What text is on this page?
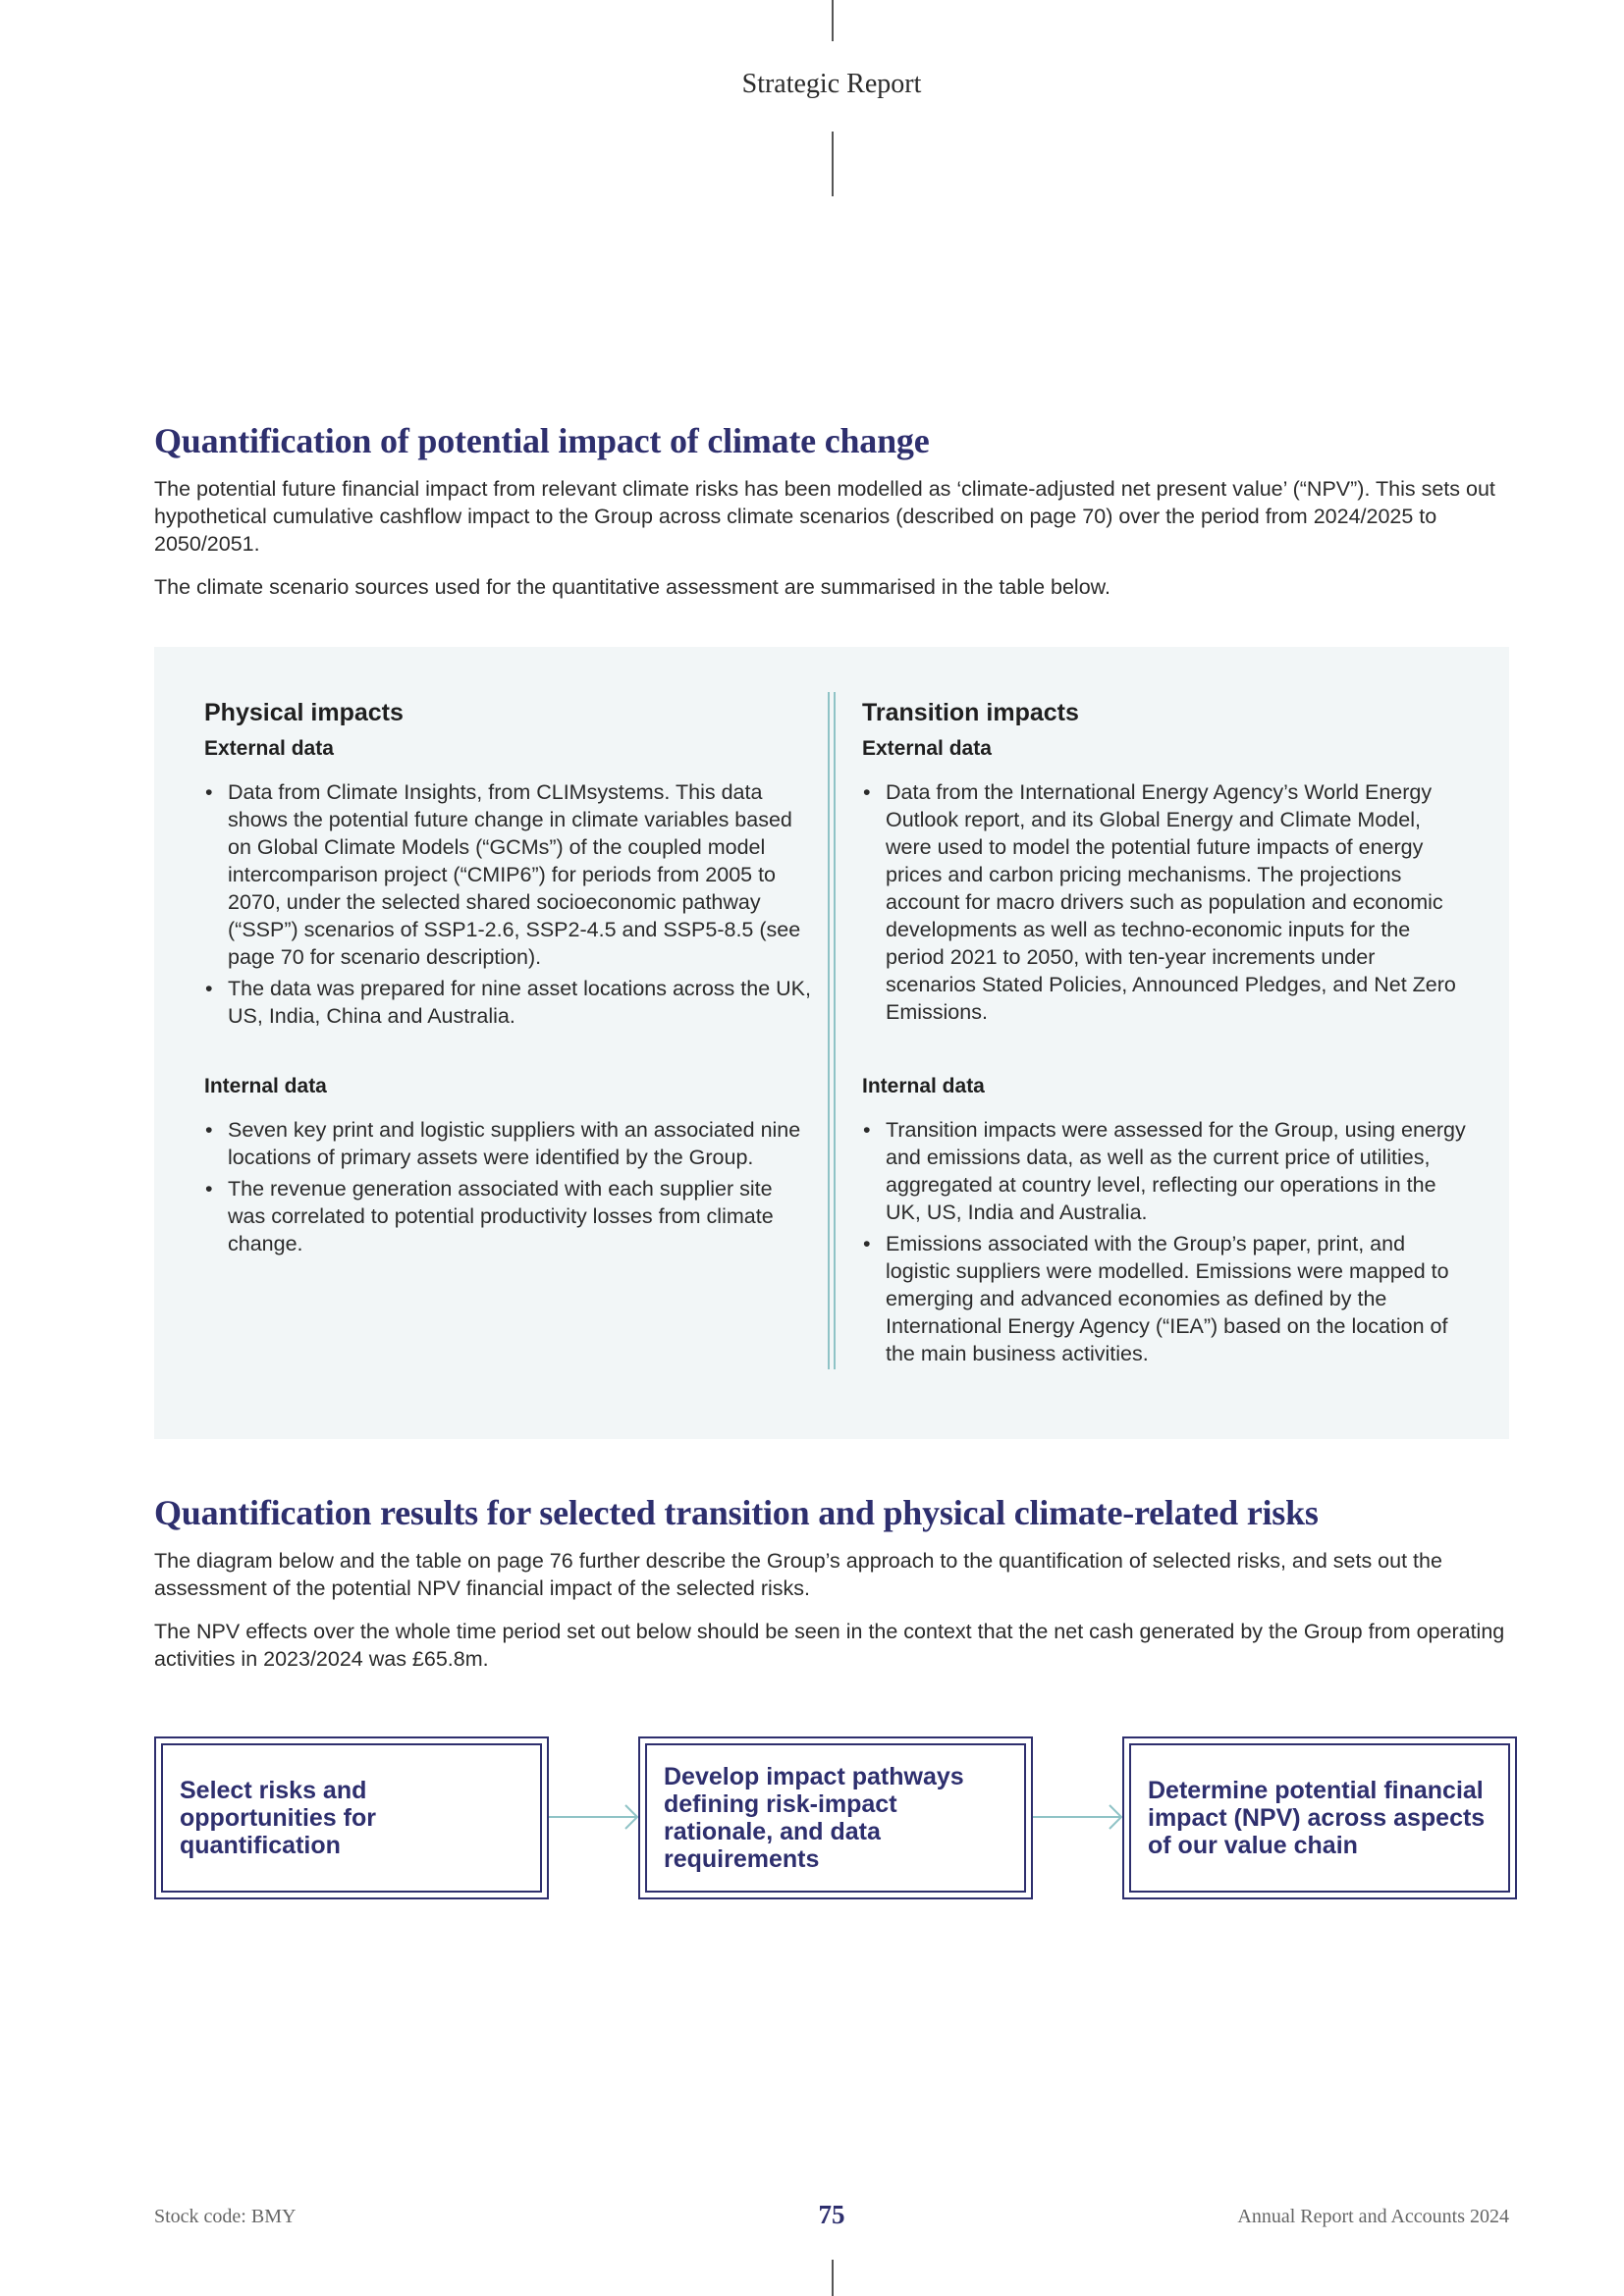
Strategic Report
Quantification of potential impact of climate change

The potential future financial impact from relevant climate risks has been modelled as ‘climate-adjusted net present value’ (“NPV”). This sets out hypothetical cumulative cashflow impact to the Group across climate scenarios (described on page 70) over the period from 2024/2025 to 2050/2051.

The climate scenario sources used for the quantitative assessment are summarised in the table below.

Physical impacts
External data
• Data from Climate Insights, from CLIMsystems. This data shows the potential future change in climate variables based on Global Climate Models (“GCMs”) of the coupled model intercomparison project (“CMIP6”) for periods from 2005 to 2070, under the selected shared socioeconomic pathway (“SSP”) scenarios of SSP1-2.6, SSP2-4.5 and SSP5-8.5 (see page 70 for scenario description).
• The data was prepared for nine asset locations across the UK, US, India, China and Australia.
Internal data
• Seven key print and logistic suppliers with an associated nine locations of primary assets were identified by the Group.
• The revenue generation associated with each supplier site was correlated to potential productivity losses from climate change.
Transition impacts
External data
• Data from the International Energy Agency’s World Energy Outlook report, and its Global Energy and Climate Model, were used to model the potential future impacts of energy prices and carbon pricing mechanisms. The projections account for macro drivers such as population and economic developments as well as techno-economic inputs for the period 2021 to 2050, with ten-year increments under scenarios Stated Policies, Announced Pledges, and Net Zero Emissions.
Internal data
• Transition impacts were assessed for the Group, using energy and emissions data, as well as the current price of utilities, aggregated at country level, reflecting our operations in the UK, US, India and Australia.
• Emissions associated with the Group’s paper, print, and logistic suppliers were modelled. Emissions were mapped to emerging and advanced economies as defined by the International Energy Agency (“IEA”) based on the location of the main business activities.
Quantification results for selected transition and physical climate-related risks

The diagram below and the table on page 76 further describe the Group’s approach to the quantification of selected risks, and sets out the assessment of the potential NPV financial impact of the selected risks.

The NPV effects over the whole time period set out below should be seen in the context that the net cash generated by the Group from operating activities in 2023/2024 was £65.8m.

Select risks and opportunities for quantification
Develop impact pathways defining risk-impact rationale, and data requirements
Determine potential financial impact (NPV) across aspects of our value chain
Stock code: BMY	75	Annual Report and Accounts 2024
